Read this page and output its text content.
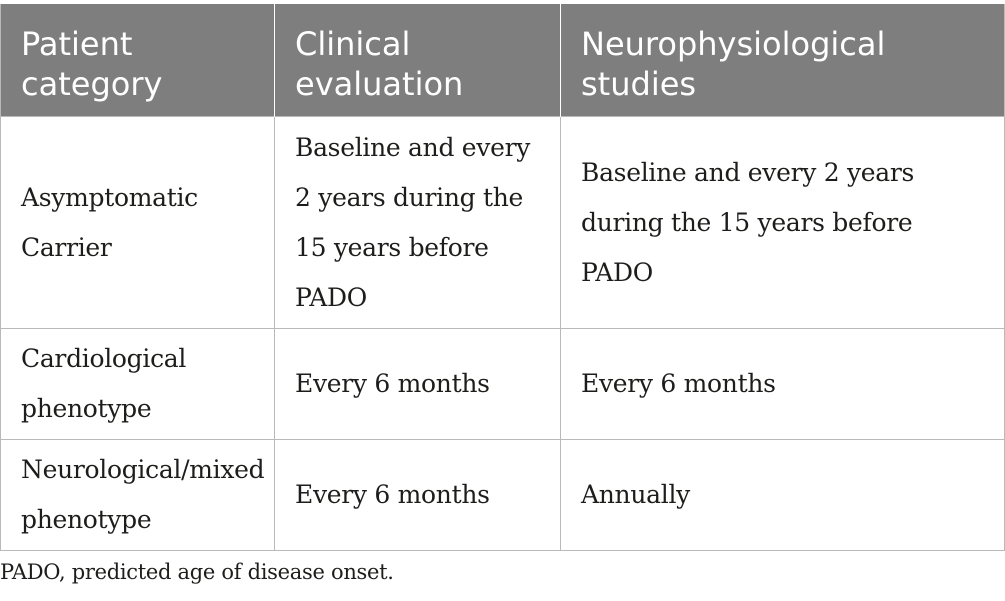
Patient category	Clinical evaluation	Neurophysiological studies
Asymptomatic Carrier	Baseline and every 2 years during the 15 years before PADO	Baseline and every 2 years during the 15 years before PADO
Cardiological phenotype	Every 6 months	Every 6 months
Neurological/mixed phenotype	Every 6 months	Annually
PADO, predicted age of disease onset.
